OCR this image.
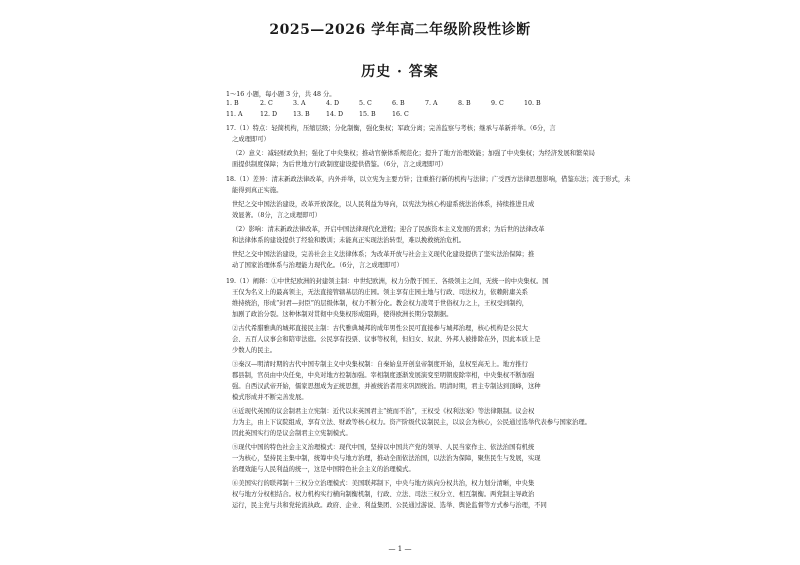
2025—2026 学年高二年级阶段性诊断
历史 · 答案
1～16 小题，每小题 3 分，共 48 分。
1. B	2. C	3. A	4. D	5. C	6. B	7. A	8. B	9. C	10. B
11. A	12. D	13. B	14. D	15. B	16. C
17.（1）特点：轻简机构，压缩层级；分化制衡，强化集权；军政分离；完善监察与考核；继承与革新并举。（6分，言
之成理即可）
（2）意义：减轻财政负担；强化了中央集权；推动官僚体系规范化；提升了地方治理效能；加强了中央集权；为经济发展和繁荣局
面提供制度保障；为后世地方行政制度建设提供借鉴。（6分，言之成理即可）
18.（1）差异：清末新政法律改革，内外并举，以立宪为主要方针；注重推行新的机构与法律；广受西方法律思想影响，借鉴东法；流于形式，未
能得到真正实施。
世纪之交中国法治建设，改革开放深化，以人民利益为导向，以宪法为核心构建系统法治体系，持续推进且成
效显著。（8分，言之成理即可）
（2）影响：清末新政法律改革，开启中国法律现代化进程；迎合了民族资本主义发展的需求；为后世的法律改革
和法律体系的建设提供了经验和教训；未能真正实现法治转型，难以挽救统治危机。
世纪之交中国法治建设，完善社会主义法律体系；为改革开放与社会主义现代化建设提供了坚实法治保障；推
动了国家治理体系与治理能力现代化。（6分，言之成理即可）
19.（1）阐释：①中世纪欧洲的封建领主制：中世纪欧洲，权力分散于国王、各级领主之间，无统一的中央集权。国
王仅为名义上的最高领主，无法直接管辖基层的庄园。领主享有庄园土地与行政、司法权力，依赖附庸关系
维持统治，形成“封君—封臣”的层级体制，权力不断分化。教会权力凌驾于世俗权力之上，王权受到制约，
加剧了政治分裂。这种体制对贯彻中央集权形成阻碍，使得欧洲长期分裂割据。
②古代希腊雅典的城邦直接民主制：古代雅典城邦的成年男性公民可直接参与城邦治理，核心机构是公民大
会、五百人议事会和陪审法庭。公民享有投票、议事等权利，但妇女、奴隶、外邦人被排除在外，因此本质上是
少数人的民主。
③秦汉—明清时期的古代中国专制主义中央集权制：自秦始皇开创皇帝制度开始，皇权至高无上。地方推行
郡县制，官员由中央任免，中央对地方控制加强。宰相制度逐渐发展演变至明朝废除宰相，中央集权不断加强
强。自西汉武帝开始，儒家思想成为正统思想，并被统治者用来巩固统治。明清时期，君主专制达到顶峰，这种
模式形成并不断完善发展。
④近现代英国的议会制君主立宪制：近代以来英国君主“统而不治”，王权受《权利法案》等法律限制。议会权
力为主，由上下议院组成，享有立法、财政等核心权力。资产阶级代议制民主，以议会为核心，公民通过选举代表参与国家治理。
因此英国实行的是议会制君主立宪制模式。
⑤现代中国的特色社会主义治理模式：现代中国，坚持以中国共产党的领导、人民当家作主、依法治国有机统
一为核心，坚持民主集中制，统筹中央与地方治理，推动全面依法治国，以法治为保障，聚焦民生与发展，实现
治理效能与人民利益的统一，这是中国特色社会主义的治理模式。
⑥美国实行的联邦制＋三权分立治理模式：美国联邦制下，中央与地方纵向分权共治，权力划分清晰，中央集
权与地方分权相结合。权力机构实行横向制衡机制，行政、立法、司法三权分立、相互制衡。两党制主导政治
运行，民主党与共和党轮流执政。政府、企业、利益集团、公民通过游说、选举、舆论监督等方式参与治理，不同
— 1 —
